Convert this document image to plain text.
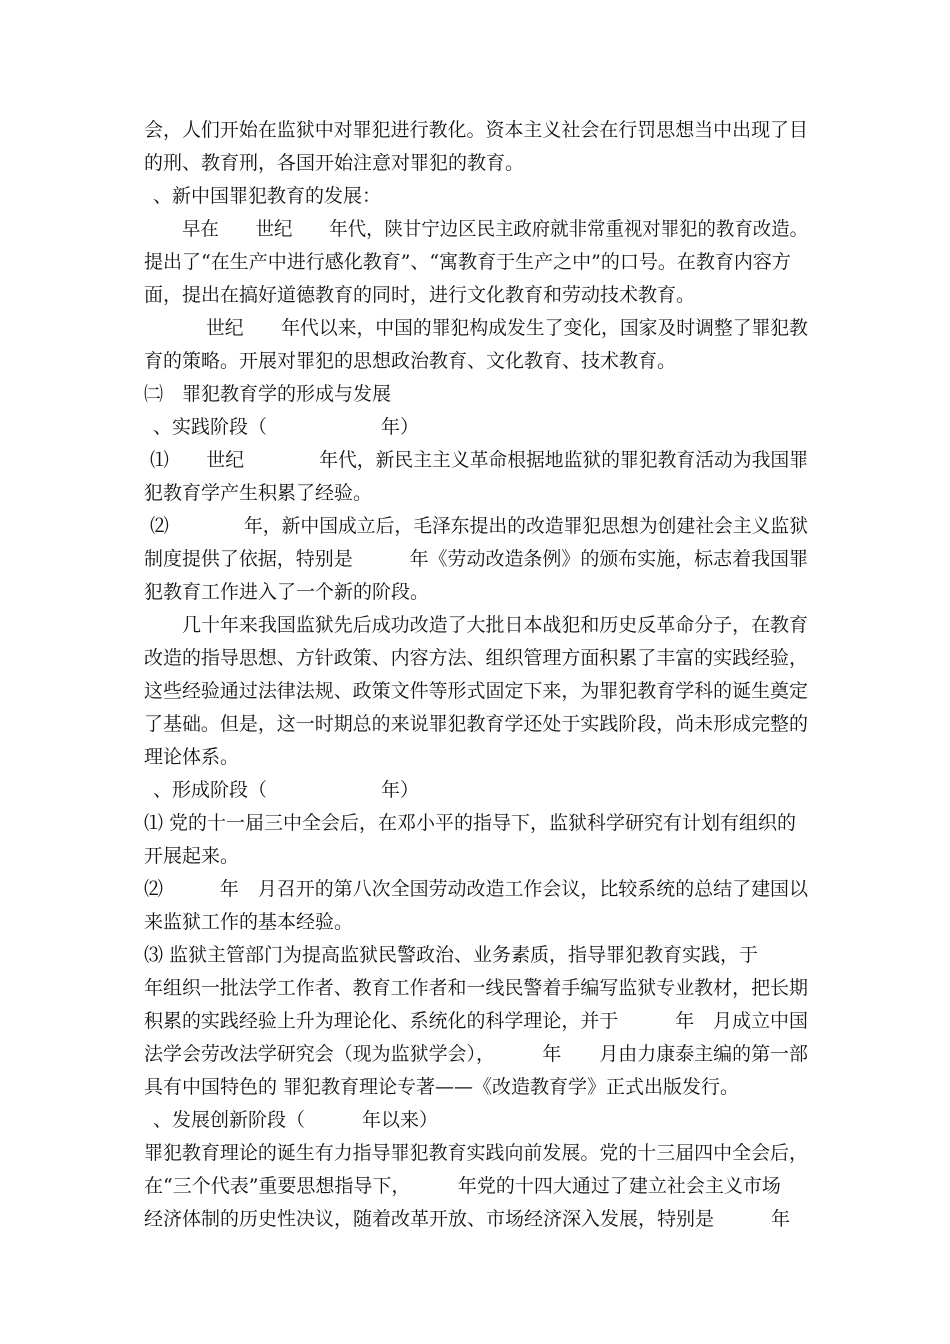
会，人们开始在监狱中对罪犯进行教化。资本主义社会在行罚思想当中出现了目
的刑、教育刑，各国开始注意对罪犯的教育。
、新中国罪犯教育的发展：
早在　　世纪　　年代，陕甘宁边区民主政府就非常重视对罪犯的教育改造。
提出了“在生产中进行感化教育”、“寓教育于生产之中”的口号。在教育内容方
面，提出在搞好道德教育的同时，进行文化教育和劳动技术教育。
世纪　　年代以来，中国的罪犯构成发生了变化，国家及时调整了罪犯教
育的策略。开展对罪犯的思想政治教育、文化教育、技术教育。
㈡　罪犯教育学的形成与发展
、实践阶段（　　　　　　年）
⑴　　世纪　　　　年代，新民主主义革命根据地监狱的罪犯教育活动为我国罪
犯教育学产生积累了经验。
⑵　　　　年，新中国成立后，毛泽东提出的改造罪犯思想为创建社会主义监狱
制度提供了依据，特别是　　　年《劳动改造条例》的颁布实施，标志着我国罪
犯教育工作进入了一个新的阶段。
几十年来我国监狱先后成功改造了大批日本战犯和历史反革命分子，在教育
改造的指导思想、方针政策、内容方法、组织管理方面积累了丰富的实践经验，
这些经验通过法律法规、政策文件等形式固定下来，为罪犯教育学科的诞生奠定
了基础。但是，这一时期总的来说罪犯教育学还处于实践阶段，尚未形成完整的
理论体系。
、形成阶段（　　　　　　年）
⑴ 党的十一届三中全会后，在邓小平的指导下，监狱科学研究有计划有组织的
开展起来。
⑵　　　年　月召开的第八次全国劳动改造工作会议，比较系统的总结了建国以
来监狱工作的基本经验。
⑶ 监狱主管部门为提高监狱民警政治、业务素质，指导罪犯教育实践，于
年组织一批法学工作者、教育工作者和一线民警着手编写监狱专业教材，把长期
积累的实践经验上升为理论化、系统化的科学理论，并于　　　年　月成立中国
法学会劳改法学研究会（现为监狱学会），　　　年　　月由力康泰主编的第一部
具有中国特色的 罪犯教育理论专著——《改造教育学》正式出版发行。
、发展创新阶段（　　　年以来）
罪犯教育理论的诞生有力指导罪犯教育实践向前发展。党的十三届四中全会后，
在“三个代表”重要思想指导下，　　　年党的十四大通过了建立社会主义市场
经济体制的历史性决议，随着改革开放、市场经济深入发展，特别是　　　年
